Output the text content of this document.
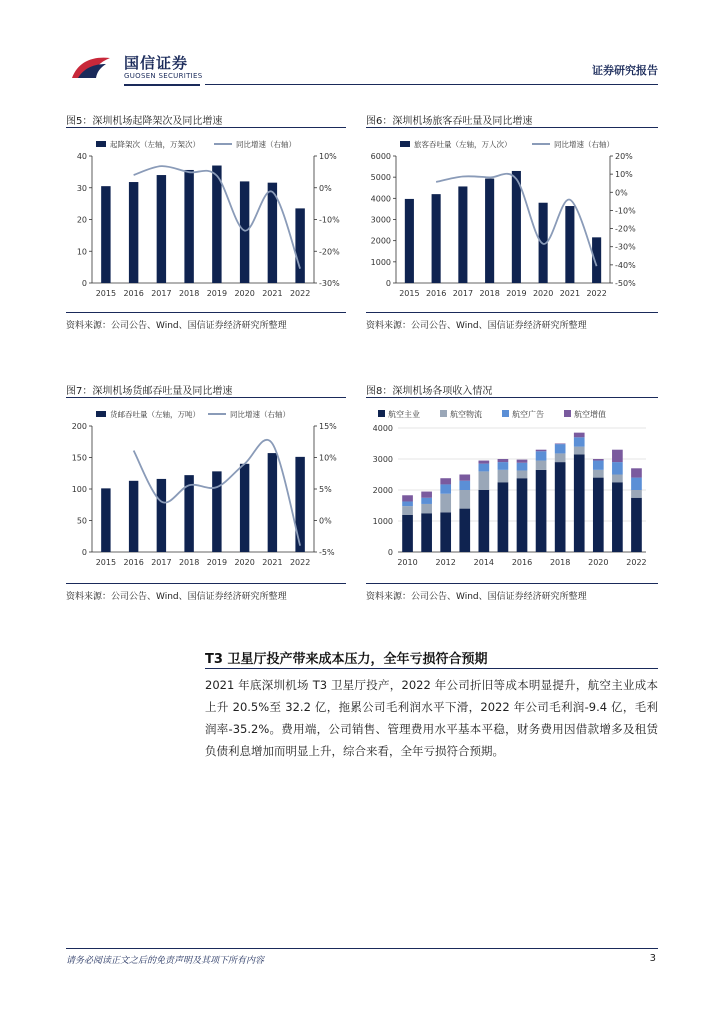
国信证券
GUOSEN SECURITIES	证券研究报告
图5：深圳机场起降架次及同比增速
起降架次（左轴，万架次）	同比增速（右轴）
0
10
20
30
40
-30%
-20%
-10%
0%
10%
2015 2016 2017 2018 2019 2020 2021 2022
资料来源：公司公告、Wind、国信证券经济研究所整理
图6：深圳机场旅客吞吐量及同比增速
旅客吞吐量（左轴，万人次）	同比增速（右轴）
0
1000
2000
3000
4000
5000
6000
-50%
-40%
-30%
-20%
-10%
0%
10%
20%
2015 2016 2017 2018 2019 2020 2021 2022
资料来源：公司公告、Wind、国信证券经济研究所整理
图7：深圳机场货邮吞吐量及同比增速
货邮吞吐量（左轴，万吨）	同比增速（右轴）
0
50
100
150
200
-5%
0%
5%
10%
15%
2015 2016 2017 2018 2019 2020 2021 2022
资料来源：公司公告、Wind、国信证券经济研究所整理
图8：深圳机场各项收入情况
航空主业	航空物流	航空广告	航空增值
0
1000
2000
3000
4000
2010 2012 2014 2016 2018 2020 2022
资料来源：公司公告、Wind、国信证券经济研究所整理
T3 卫星厅投产带来成本压力，全年亏损符合预期
2021 年底深圳机场 T3 卫星厅投产，2022 年公司折旧等成本明显提升，航空主业成本上升 20.5%至 32.2 亿，拖累公司毛利润水平下滑，2022 年公司毛利润-9.4 亿，毛利润率-35.2%。费用端，公司销售、管理费用水平基本平稳，财务费用因借款增多及租赁负债利息增加而明显上升，综合来看，全年亏损符合预期。
请务必阅读正文之后的免责声明及其项下所有内容	3
